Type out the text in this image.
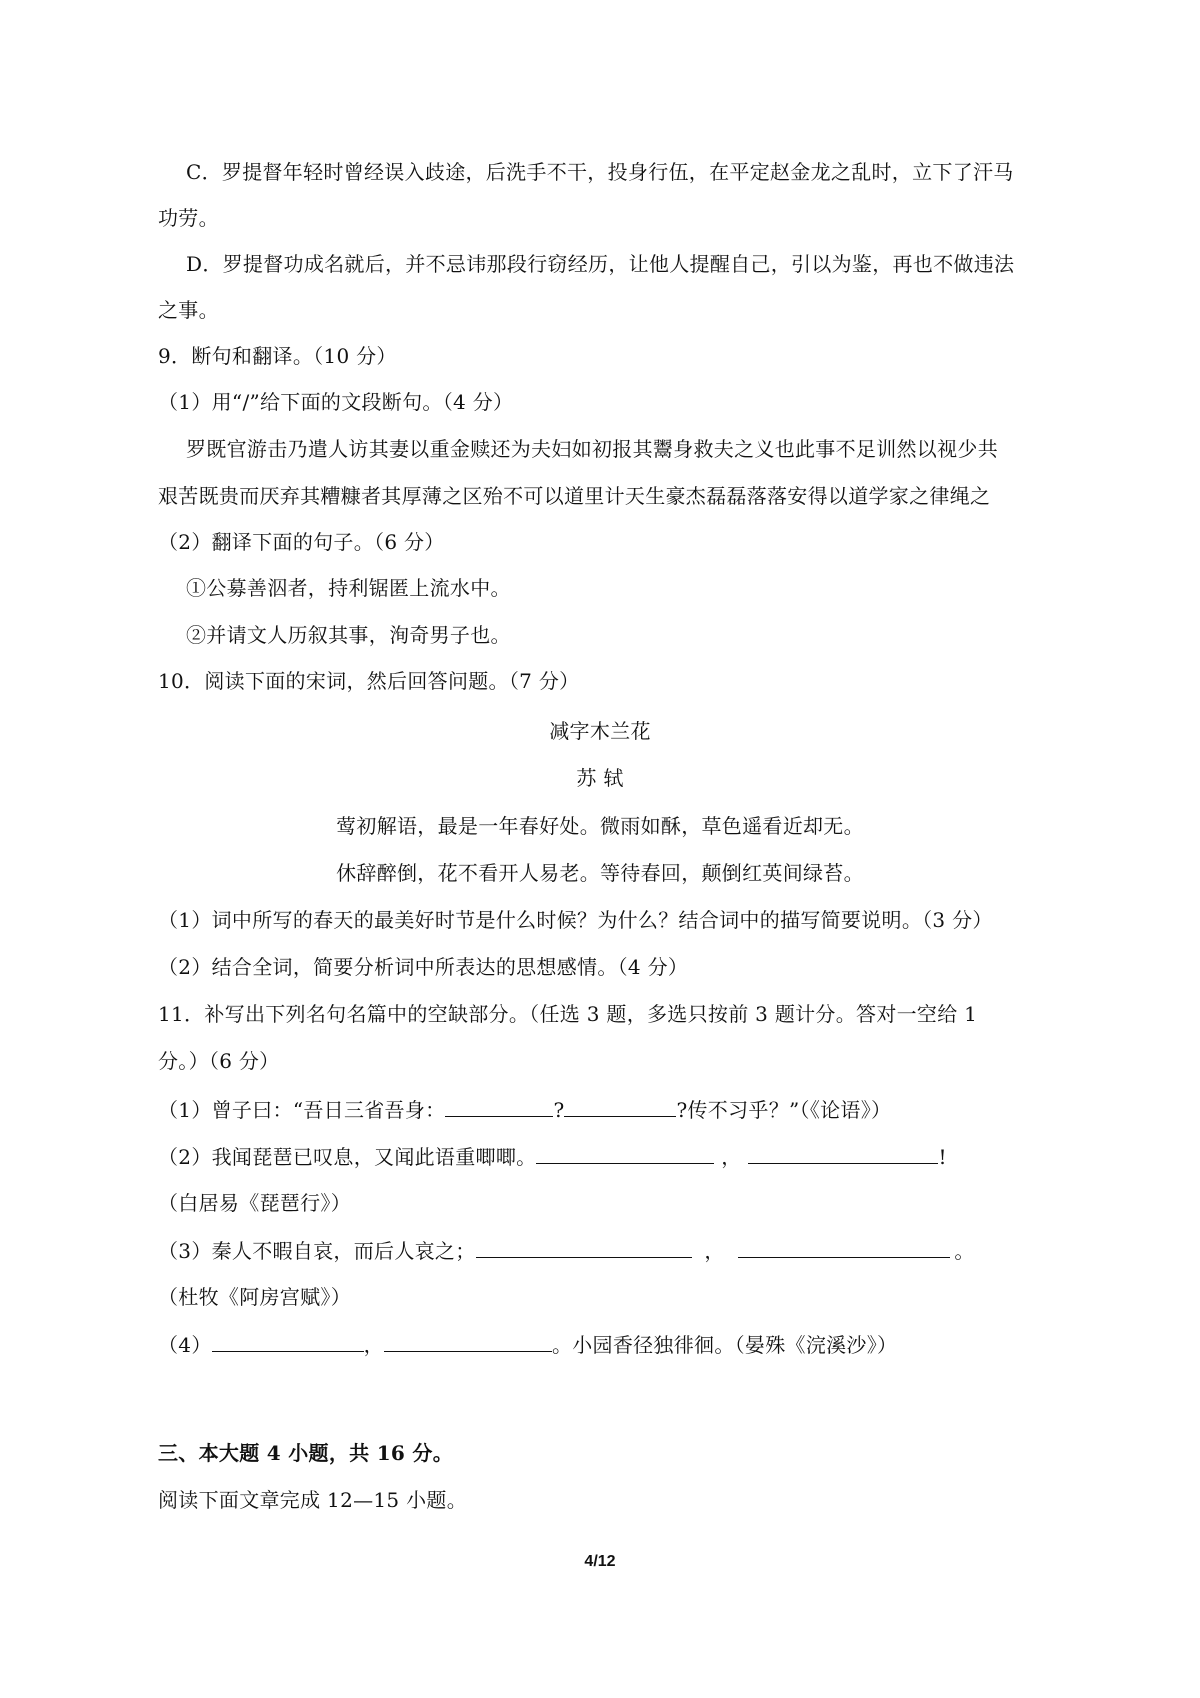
C．罗提督年轻时曾经误入歧途，后洗手不干，投身行伍，在平定赵金龙之乱时，立下了汗马
功劳。
D．罗提督功成名就后，并不忌讳那段行窃经历，让他人提醒自己，引以为鉴，再也不做违法
之事。
9．断句和翻译。（10 分）
（1）用“/”给下面的文段断句。（4 分）
罗既官游击乃遣人访其妻以重金赎还为夫妇如初报其鬻身救夫之义也此事不足训然以视少共
艰苦既贵而厌弃其糟糠者其厚薄之区殆不可以道里计天生豪杰磊磊落落安得以道学家之律绳之
（2）翻译下面的句子。（6 分）
①公募善泅者，持利锯匿上流水中。
②并请文人历叙其事，洵奇男子也。
10．阅读下面的宋词，然后回答问题。（7 分）
减字木兰花
苏 轼
莺初解语，最是一年春好处。微雨如酥，草色遥看近却无。
休辞醉倒，花不看开人易老。等待春回，颠倒红英间绿苔。
（1）词中所写的春天的最美好时节是什么时候？为什么？结合词中的描写简要说明。（3 分）
（2）结合全词，简要分析词中所表达的思想感情。（4 分）
11．补写出下列名句名篇中的空缺部分。（任选 3 题，多选只按前 3 题计分。答对一空给 1
分。）（6 分）
（1）曾子曰：“吾日三省吾身：	?	?传不习乎？”（《论语》）
（2）我闻琵琶已叹息，又闻此语重唧唧。	，	!
（白居易《琵琶行》）
（3）秦人不暇自哀，而后人哀之；	，	。
（杜牧《阿房宫赋》）
（4）	，	。小园香径独徘徊。（晏殊《浣溪沙》）
三、本大题 4 小题，共 16 分。
阅读下面文章完成 12—15 小题。
4/12
